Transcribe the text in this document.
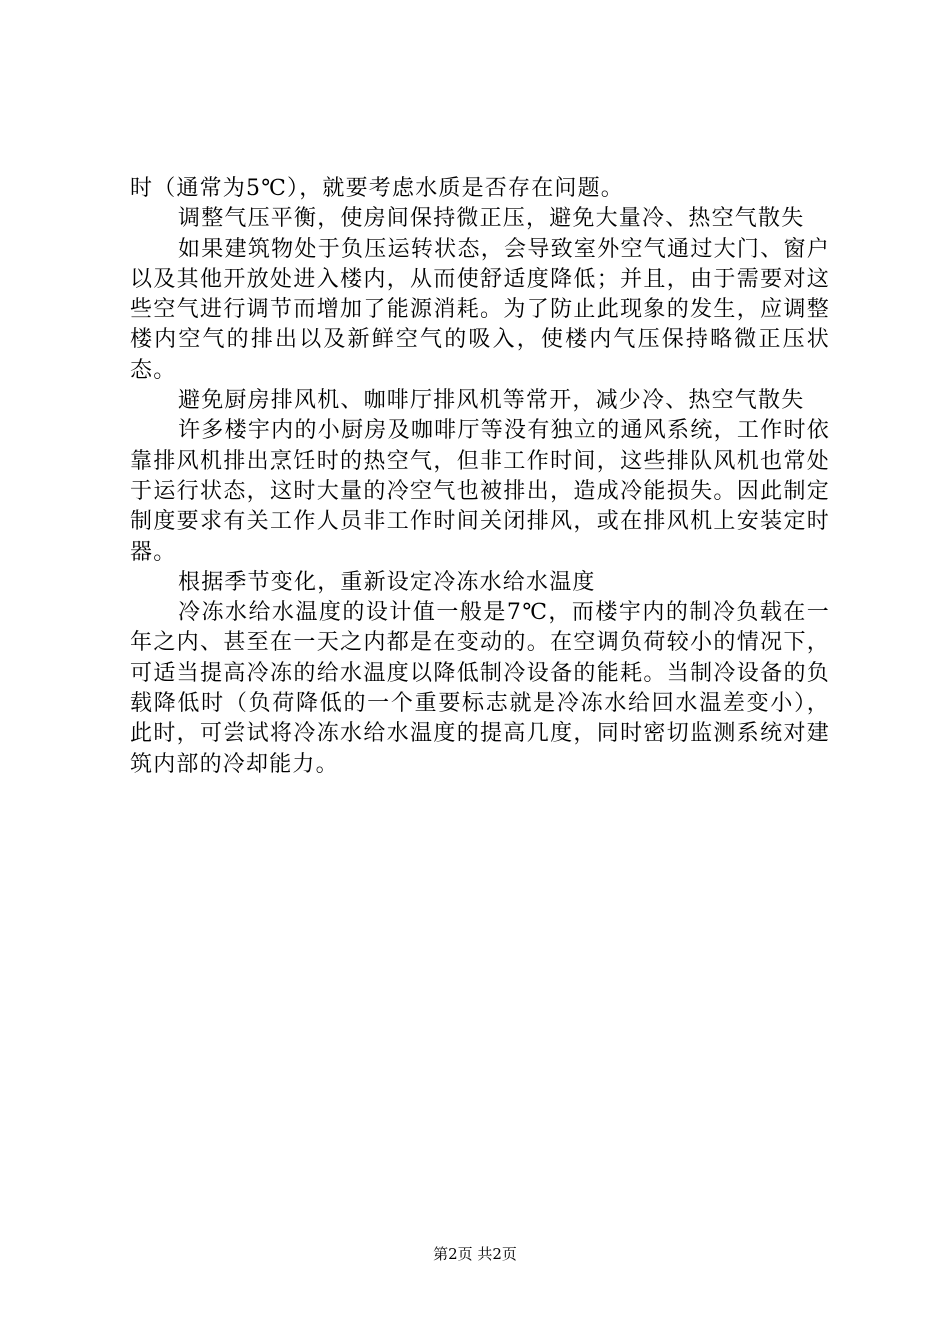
时（通常为5℃），就要考虑水质是否存在问题。

调整气压平衡，使房间保持微正压，避免大量冷、热空气散失

如果建筑物处于负压运转状态，会导致室外空气通过大门、窗户以及其他开放处进入楼内，从而使舒适度降低；并且，由于需要对这些空气进行调节而增加了能源消耗。为了防止此现象的发生，应调整楼内空气的排出以及新鲜空气的吸入，使楼内气压保持略微正压状态。

避免厨房排风机、咖啡厅排风机等常开，减少冷、热空气散失

许多楼宇内的小厨房及咖啡厅等没有独立的通风系统，工作时依靠排风机排出烹饪时的热空气，但非工作时间，这些排队风机也常处于运行状态，这时大量的冷空气也被排出，造成冷能损失。因此制定制度要求有关工作人员非工作时间关闭排风，或在排风机上安装定时器。

根据季节变化，重新设定冷冻水给水温度

冷冻水给水温度的设计值一般是7℃，而楼宇内的制冷负载在一年之内、甚至在一天之内都是在变动的。在空调负荷较小的情况下，可适当提高冷冻的给水温度以降低制冷设备的能耗。当制冷设备的负载降低时（负荷降低的一个重要标志就是冷冻水给回水温差变小），此时，可尝试将冷冻水给水温度的提高几度，同时密切监测系统对建筑内部的冷却能力。

第2页 共2页
